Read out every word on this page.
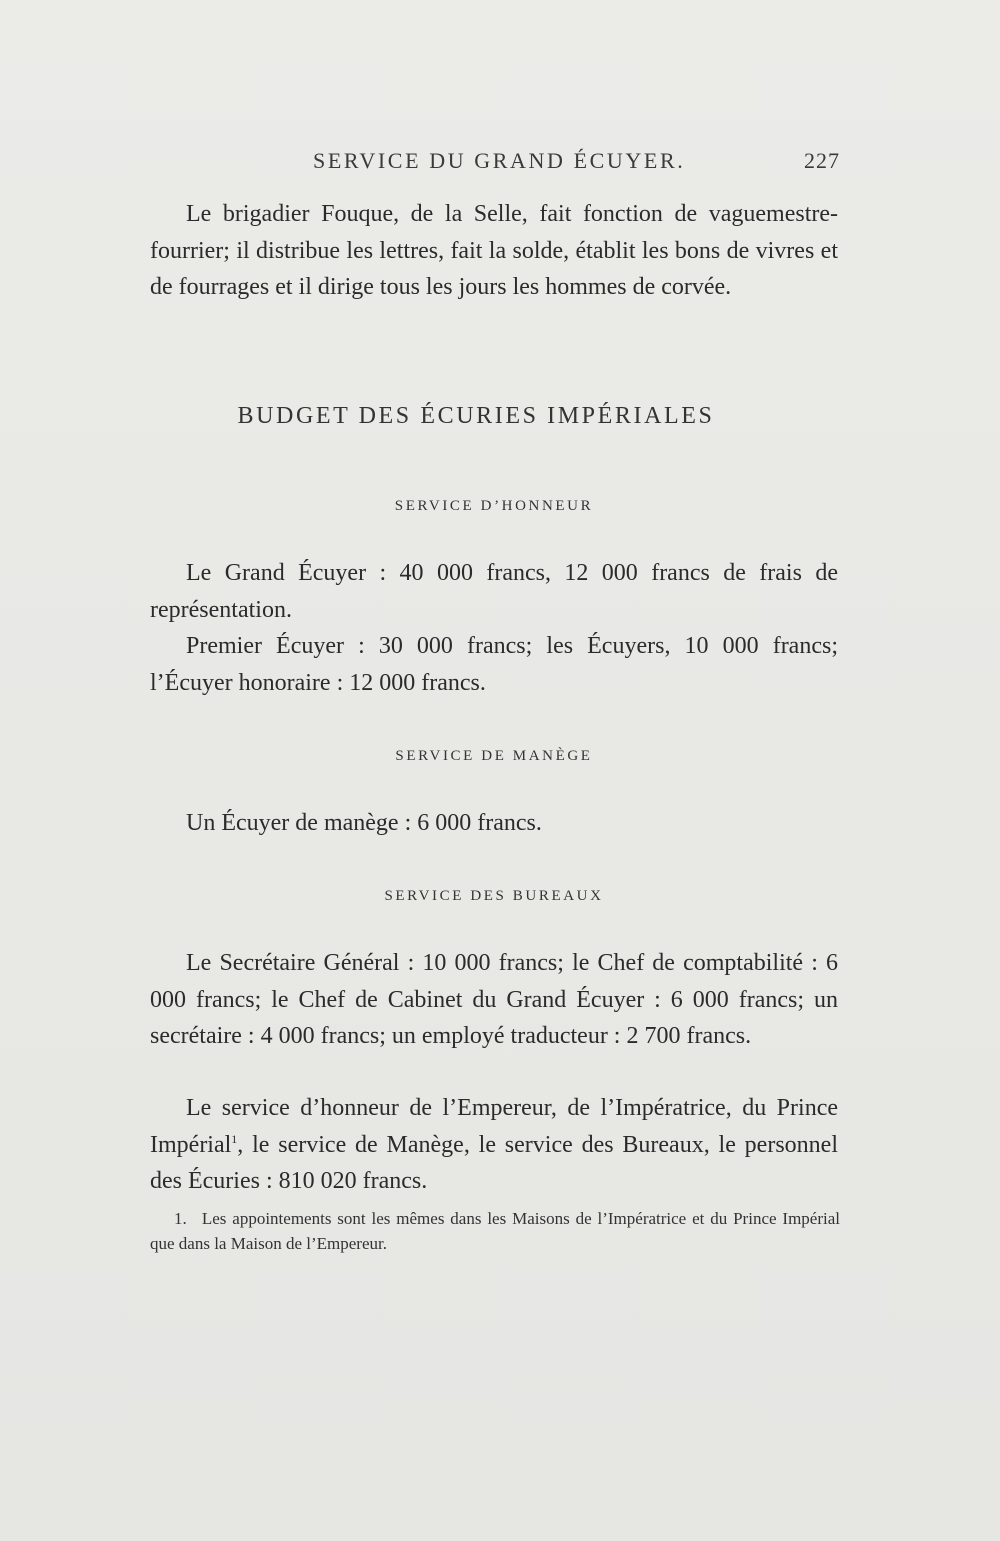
SERVICE DU GRAND ÉCUYER.	227

Le brigadier Fouque, de la Selle, fait fonction de vaguemestre-fourrier; il distribue les lettres, fait la solde, établit les bons de vivres et de fourrages et il dirige tous les jours les hommes de corvée.

BUDGET DES ÉCURIES IMPÉRIALES
SERVICE D’HONNEUR

Le Grand Écuyer : 40 000 francs, 12 000 francs de frais de représentation.

Premier Écuyer : 30 000 francs; les Écuyers, 10 000 francs; l’Écuyer honoraire : 12 000 francs.

SERVICE DE MANÈGE

Un Écuyer de manège : 6 000 francs.

SERVICE DES BUREAUX

Le Secrétaire Général : 10 000 francs; le Chef de comptabilité : 6 000 francs; le Chef de Cabinet du Grand Écuyer : 6 000 francs; un secrétaire : 4 000 francs; un employé traducteur : 2 700 francs.

Le service d’honneur de l’Empereur, de l’Impératrice, du Prince Impérial$^1$, le service de Manège, le service des Bureaux, le personnel des Écuries : 810 020 francs.

1. Les appointements sont les mêmes dans les Maisons de l’Impératrice et du Prince Impérial que dans la Maison de l’Empereur.
